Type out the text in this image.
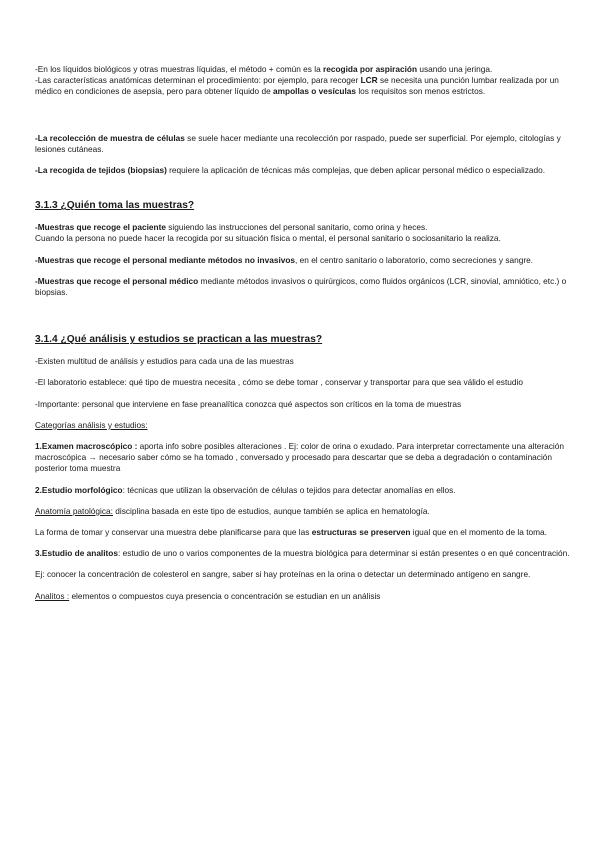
-En los líquidos biológicos y otras muestras líquidas, el método + común es la recogida por aspiración usando una jeringa.

-Las características anatómicas determinan el procedimiento: por ejemplo, para recoger LCR se necesita una punción lumbar realizada por un médico en condiciones de asepsia, pero para obtener líquido de ampollas o vesículas los requisitos son menos estrictos.

-La recolección de muestra de células se suele hacer mediante una recolección por raspado, puede ser superficial. Por ejemplo, citologías y lesiones cutáneas.

-La recogida de tejidos (biopsias) requiere la aplicación de técnicas más complejas, que deben aplicar personal médico o especializado.

3.1.3 ¿Quién toma las muestras?

-Muestras que recoge el paciente siguiendo las instrucciones del personal sanitario, como orina y heces.
Cuando la persona no puede hacer la recogida por su situación física o mental, el personal sanitario o sociosanitario la realiza.

-Muestras que recoge el personal mediante métodos no invasivos, en el centro sanitario o laboratorio, como secreciones y sangre.

-Muestras que recoge el personal médico mediante métodos invasivos o quirúrgicos, como fluidos orgánicos (LCR, sinovial, amniótico, etc.) o biopsias.

3.1.4 ¿Qué análisis y estudios se practican a las muestras?

-Existen multitud de análisis y estudios para cada una de las muestras

-El laboratorio establece: qué tipo de muestra necesita , cómo se debe tomar , conservar y transportar para que sea válido el estudio

-Importante: personal que interviene en fase preanalítica conozca qué aspectos son críticos en la toma de muestras

Categorías análisis y estudios:

1.Examen macroscópico : aporta info sobre posibles alteraciones . Ej: color de orina o exudado. Para interpretar correctamente una alteración macroscópica → necesario saber cómo se ha tomado , conversado y procesado para descartar que se deba a degradación o contaminación posterior toma muestra

2.Estudio morfológico: técnicas que utilizan la observación de células o tejidos para detectar anomalías en ellos.

Anatomía patológica: disciplina basada en este tipo de estudios, aunque también se aplica en hematología.

La forma de tomar y conservar una muestra debe planificarse para que las estructuras se preserven igual que en el momento de la toma.

3.Estudio de analitos: estudio de uno o varios componentes de la muestra biológica para determinar si están presentes o en qué concentración.

Ej: conocer la concentración de colesterol en sangre, saber si hay proteínas en la orina o detectar un determinado antígeno en sangre.

Analitos : elementos o compuestos cuya presencia o concentración se estudian en un análisis
